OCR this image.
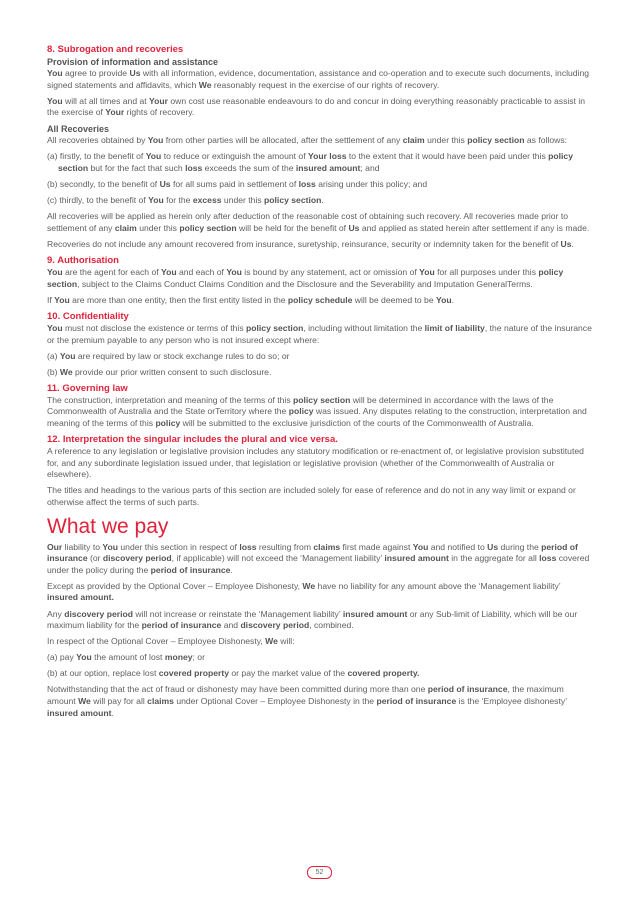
8. Subrogation and recoveries

Provision of information and assistance

You agree to provide Us with all information, evidence, documentation, assistance and co-operation and to execute such documents, including signed statements and affidavits, which We reasonably request in the exercise of our rights of recovery.

You will at all times and at Your own cost use reasonable endeavours to do and concur in doing everything reasonably practicable to assist in the exercise of Your rights of recovery.

All Recoveries

All recoveries obtained by You from other parties will be allocated, after the settlement of any claim under this policy section as follows:

(a) firstly, to the benefit of You to reduce or extinguish the amount of Your loss to the extent that it would have been paid under this policy section but for the fact that such loss exceeds the sum of the insured amount; and

(b) secondly, to the benefit of Us for all sums paid in settlement of loss arising under this policy; and

(c) thirdly, to the benefit of You for the excess under this policy section.

All recoveries will be applied as herein only after deduction of the reasonable cost of obtaining such recovery. All recoveries made prior to settlement of any claim under this policy section will be held for the benefit of Us and applied as stated herein after settlement if any is made.

Recoveries do not include any amount recovered from insurance, suretyship, reinsurance, security or indemnity taken for the benefit of Us.

9. Authorisation

You are the agent for each of You and each of You is bound by any statement, act or omission of You for all purposes under this policy section, subject to the Claims Conduct Claims Condition and the Disclosure and the Severability and Imputation GeneralTerms.

If You are more than one entity, then the first entity listed in the policy schedule will be deemed to be You.

10. Confidentiality

You must not disclose the existence or terms of this policy section, including without limitation the limit of liability, the nature of the insurance or the premium payable to any person who is not insured except where:

(a) You are required by law or stock exchange rules to do so; or

(b) We provide our prior written consent to such disclosure.

11. Governing law

The construction, interpretation and meaning of the terms of this policy section will be determined in accordance with the laws of the Commonwealth of Australia and the State orTerritory where the policy was issued. Any disputes relating to the construction, interpretation and meaning of the terms of this policy will be submitted to the exclusive jurisdiction of the courts of the Commonwealth of Australia.

12. Interpretation the singular includes the plural and vice versa.

A reference to any legislation or legislative provision includes any statutory modification or re-enactment of, or legislative provision substituted for, and any subordinate legislation issued under, that legislation or legislative provision (whether of the Commonwealth of Australia or elsewhere).

The titles and headings to the various parts of this section are included solely for ease of reference and do not in any way limit or expand or otherwise affect the terms of such parts.

What we pay

Our liability to You under this section in respect of loss resulting from claims first made against You and notified to Us during the period of insurance (or discovery period, if applicable) will not exceed the ‘Management liability’ insured amount in the aggregate for all loss covered under the policy during the period of insurance.

Except as provided by the Optional Cover – Employee Dishonesty, We have no liability for any amount above the ‘Management liability’ insured amount.

Any discovery period will not increase or reinstate the ‘Management liability’ insured amount or any Sub-limit of Liability, which will be our maximum liability for the period of insurance and discovery period, combined.

In respect of the Optional Cover – Employee Dishonesty, We will:

(a) pay You the amount of lost money; or

(b) at our option, replace lost covered property or pay the market value of the covered property.

Notwithstanding that the act of fraud or dishonesty may have been committed during more than one period of insurance, the maximum amount We will pay for all claims under Optional Cover – Employee Dishonesty in the period of insurance is the ‘Employee dishonesty’ insured amount.

52
